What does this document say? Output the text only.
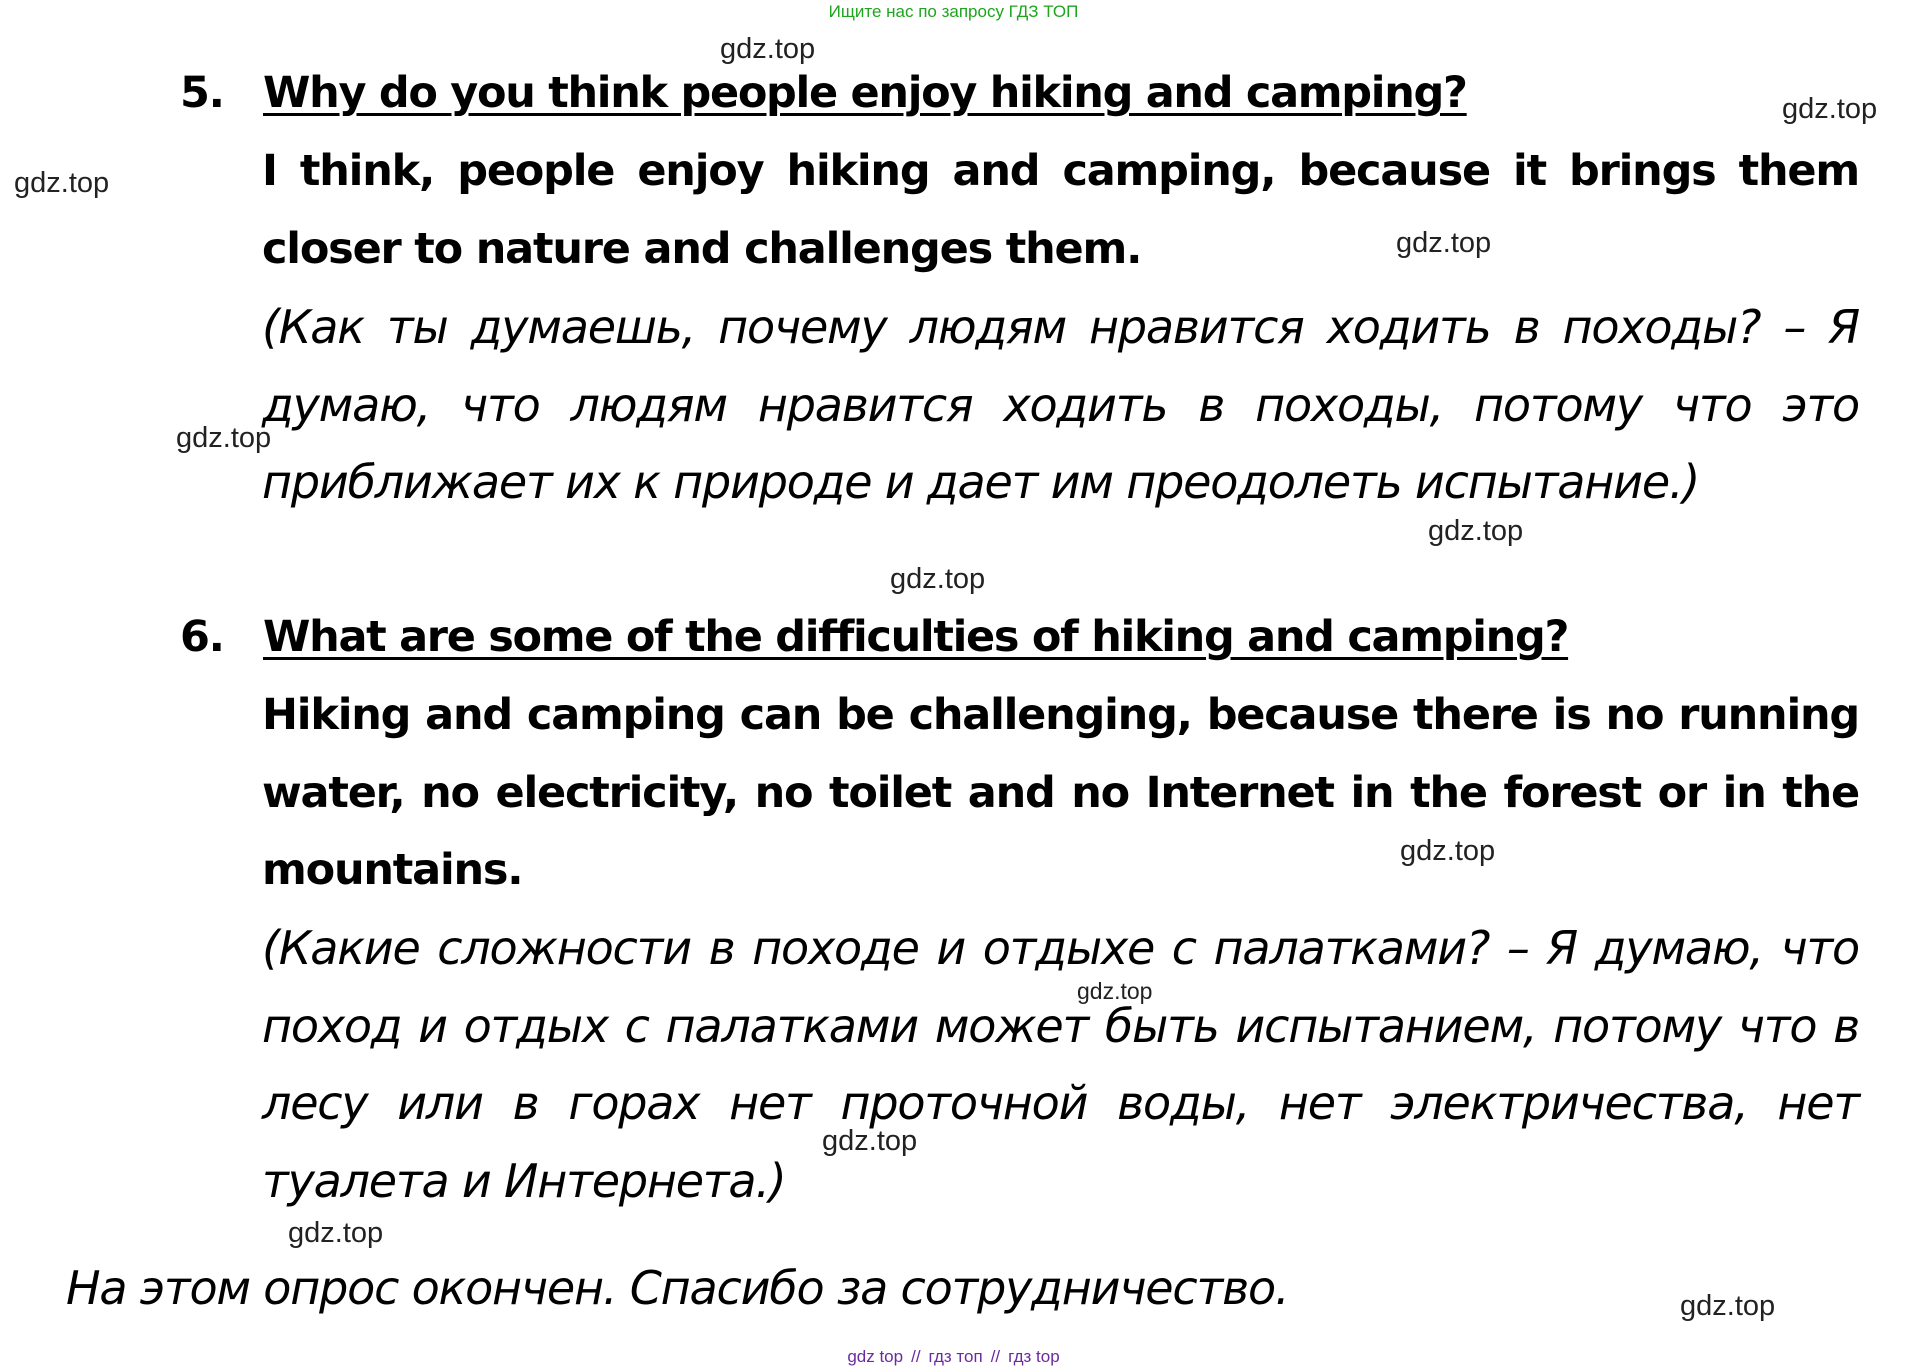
Ищите нас по запросу ГДЗ ТОП
5. Why do you think people enjoy hiking and camping?
I think, people enjoy hiking and camping, because it brings them closer to nature and challenges them.
(Как ты думаешь, почему людям нравится ходить в походы? – Я думаю, что людям нравится ходить в походы, потому что это приближает их к природе и дает им преодолеть испытание.)
6. What are some of the difficulties of hiking and camping?
Hiking and camping can be challenging, because there is no running water, no electricity, no toilet and no Internet in the forest or in the mountains.
(Какие сложности в походе и отдыхе с палатками? – Я думаю, что поход и отдых с палатками может быть испытанием, потому что в лесу или в горах нет проточной воды, нет электричества, нет туалета и Интернета.)
На этом опрос окончен. Спасибо за сотрудничество.
gdz.top
gdz.top
gdz.top
gdz.top
gdz.top
gdz.top
gdz.top
gdz.top
gdz.top
gdz.top
gdz.top
gdz.top
gdz top // гдз топ // гдз top
